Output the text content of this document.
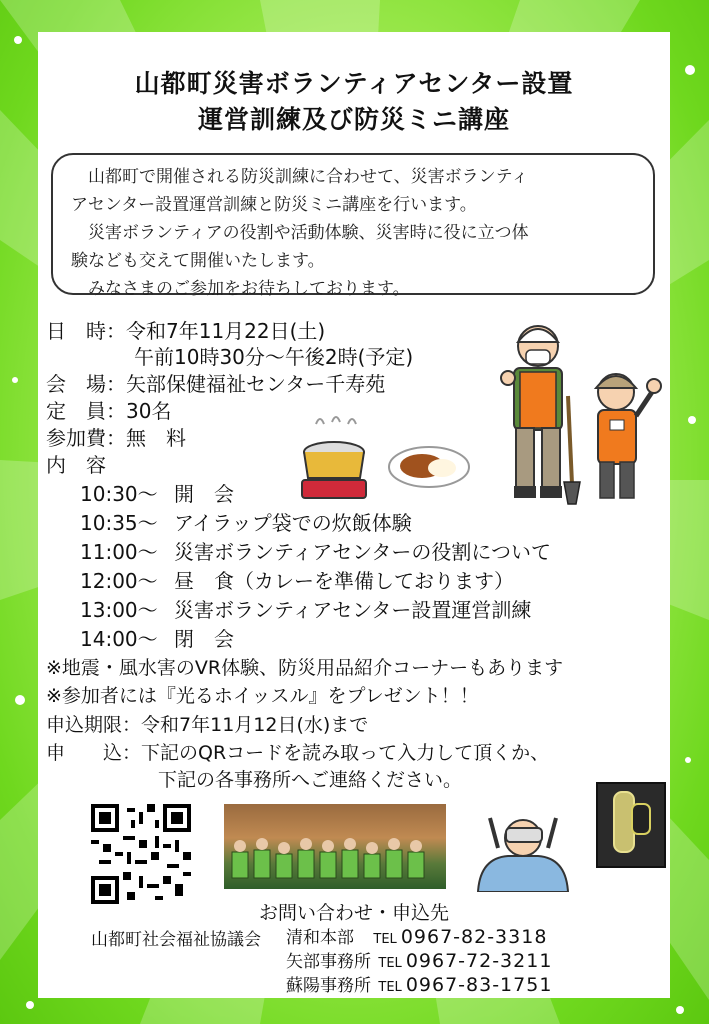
山都町災害ボランティアセンター設置
運営訓練及び防災ミニ講座

　山都町で開催される防災訓練に合わせて、災害ボランティ

アセンター設置運営訓練と防災ミニ講座を行います。

　災害ボランティアの役割や活動体験、災害時に役に立つ体

験なども交えて開催いたします。

　みなさまのご参加をお待ちしております。

日　時：令和7年11月22日(土)
午前10時30分～午後2時(予定)
会　場：矢部保健福祉センター千寿苑
定　員：30名
参加費：無　料
内　容
10:30～ 開　会
10:35～ アイラップ袋での炊飯体験
11:00～ 災害ボランティアセンターの役割について
12:00～ 昼　食（カレーを準備しております）
13:00～ 災害ボランティアセンター設置運営訓練
14:00～ 閉　会
※地震・風水害のVR体験、防災用品紹介コーナーもあります
※参加者には『光るホイッスル』をプレゼント！！
申込期限：令和7年11月12日(水)まで
申　　込：下記のQRコードを読み取って入力して頂くか、
下記の各事務所へご連絡ください。
お問い合わせ・申込先
山都町社会福祉協議会 清和本部 TEL 0967-82-3318
矢部事務所 TEL 0967-72-3211
蘇陽事務所 TEL 0967-83-1751
